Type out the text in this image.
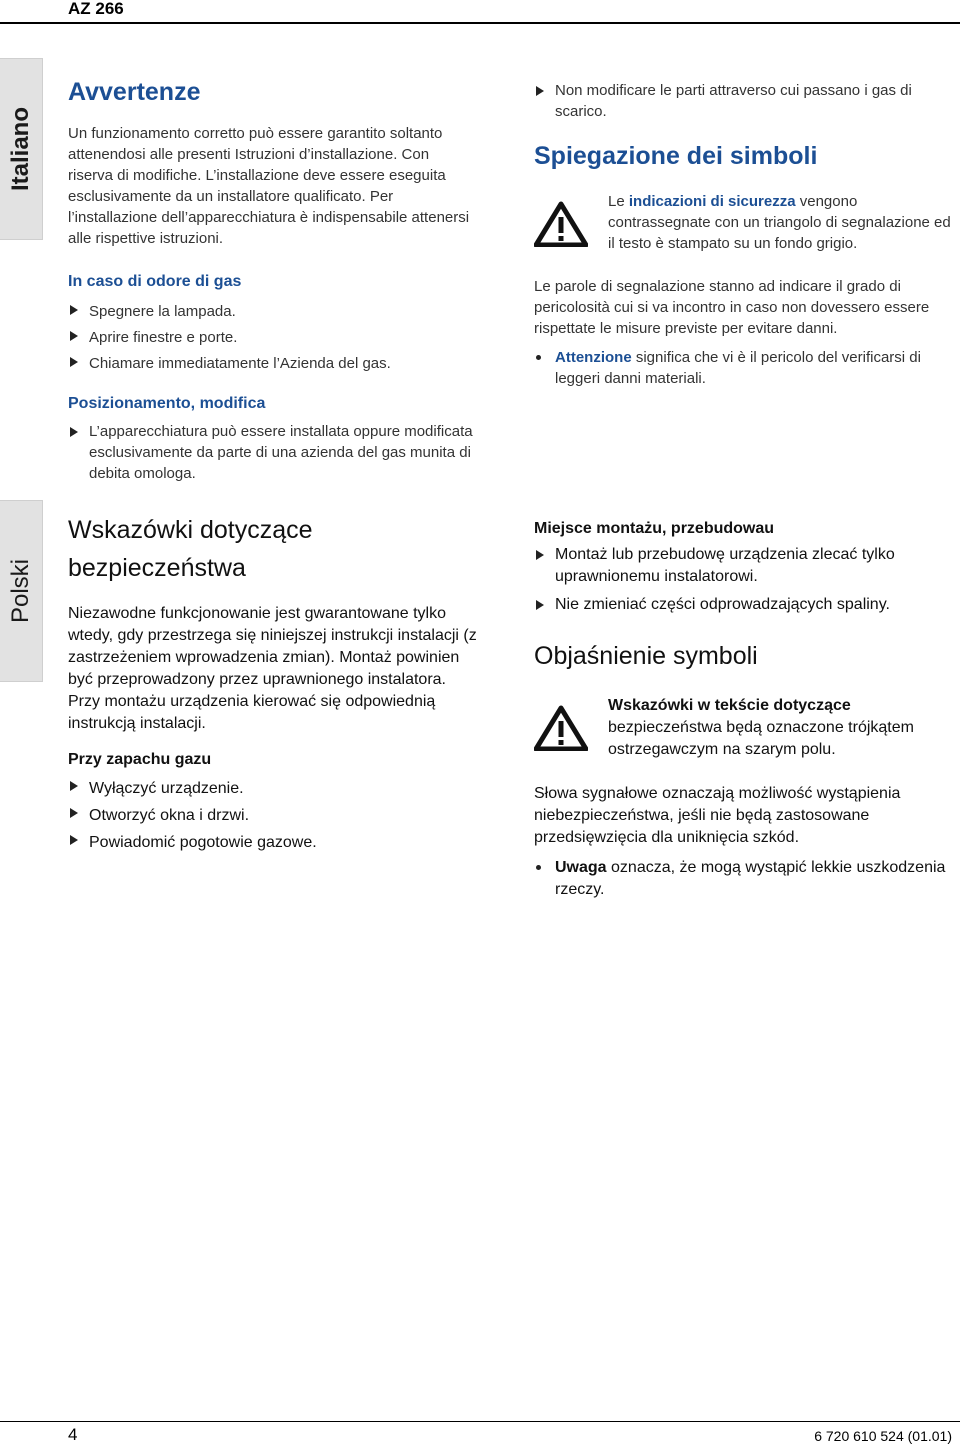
AZ 266
Italiano
Polski
Avvertenze

Un funzionamento corretto può essere garantito soltanto attenendosi alle presenti Istruzioni d’installazione. Con riserva di modifiche. L’installazione deve essere eseguita esclusivamente da un installatore qualificato. Per l’installazione dell’apparecchiatura è indispensabile attenersi alle rispettive istruzioni.

In caso di odore di gas
Spegnere la lampada.
Aprire finestre e porte.
Chiamare immediatamente l’Azienda del gas.
Posizionamento, modifica
L’apparecchiatura può essere installata oppure modificata esclusivamente da parte di una azienda del gas munita di debita omologa.
Non modificare le parti attraverso cui passano i gas di scarico.
Spiegazione dei simboli

Le indicazioni di sicurezza vengono contrassegnate con un triangolo di segnalazione ed il testo è stampato su un fondo grigio.

Le parole di segnalazione stanno ad indicare il grado di pericolosità cui si va incontro in caso non dovessero essere rispettate le misure previste per evitare danni.

Attenzione significa che vi è il pericolo del verificarsi di leggeri danni materiali.
Wskazówki dotyczące
bezpieczeństwa

Niezawodne funkcjonowanie jest gwarantowane tylko wtedy, gdy przestrzega się niniejszej instrukcji instalacji (z zastrzeżeniem wprowadzenia zmian). Montaż powinien być przeprowadzony przez uprawnionego instalatora. Przy montażu urządzenia kierować się odpowiednią instrukcją instalacji.

Przy zapachu gazu
Wyłączyć urządzenie.
Otworzyć okna i drzwi.
Powiadomić pogotowie gazowe.
Miejsce montażu, przebudowau
Montaż lub przebudowę urządzenia zlecać tylko uprawnionemu instalatorowi.
Nie zmieniać części odprowadzających spaliny.
Objaśnienie symboli

Wskazówki w tekście dotyczące bezpieczeństwa będą oznaczone trójkątem ostrzegawczym na szarym polu.

Słowa sygnałowe oznaczają możliwość wystąpienia niebezpieczeństwa, jeśli nie będą zastosowane przedsięwzięcia dla uniknięcia szkód.

Uwaga oznacza, że mogą wystąpić lekkie uszkodzenia rzeczy.
4	6 720 610 524 (01.01)
